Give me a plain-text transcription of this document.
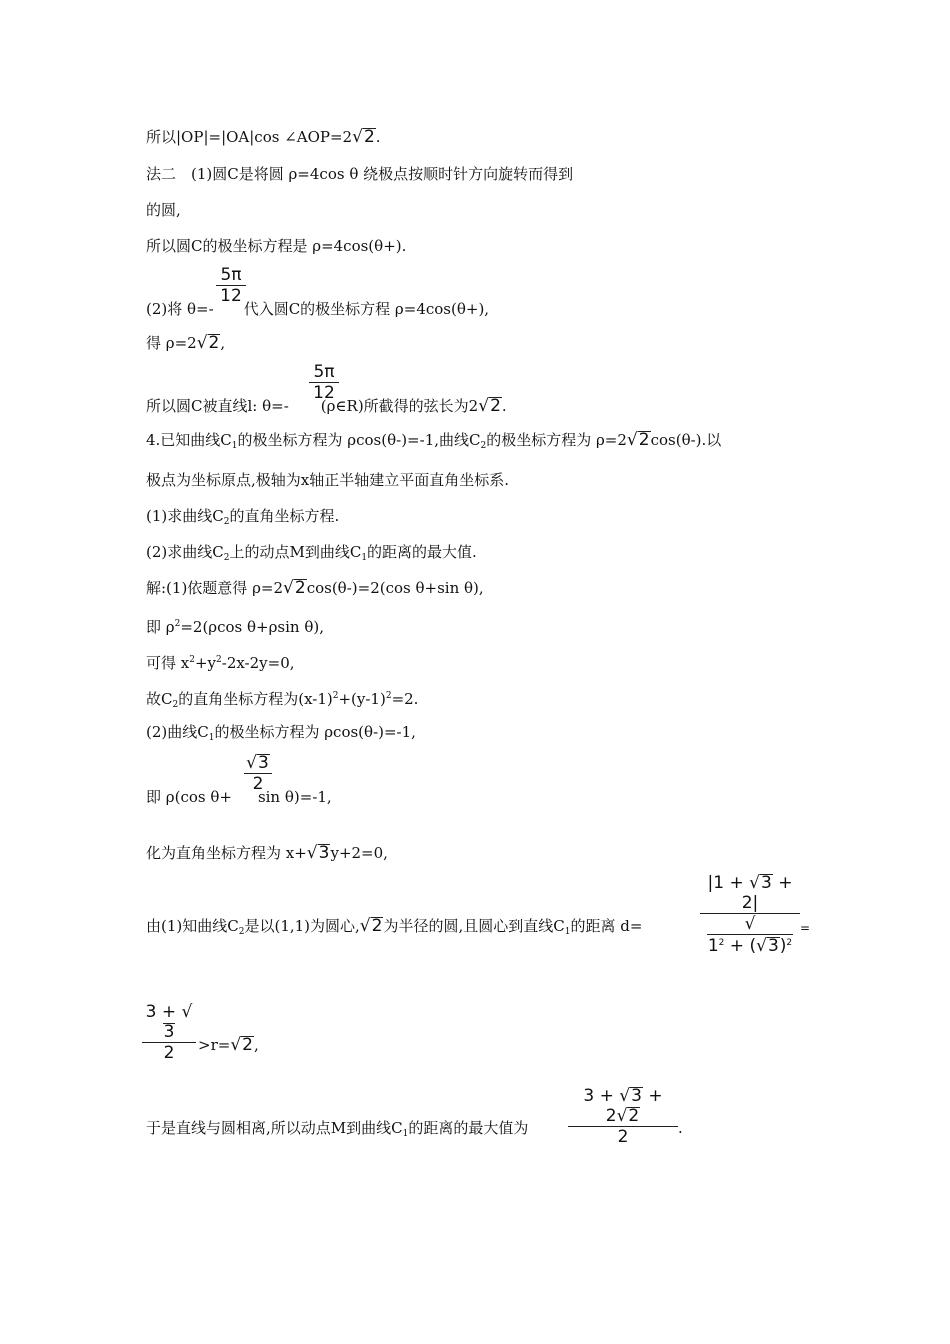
所以|OP|=|OA|cos ∠AOP=2√2.
法二　(1)圆C是将圆 ρ=4cos θ 绕极点按顺时针方向旋转而得到
的圆,
所以圆C的极坐标方程是 ρ=4cos(θ+).
5π
12
(2)将 θ=- 代入圆C的极坐标方程 ρ=4cos(θ+),
得 ρ=2√2,
5π
12
所以圆C被直线l: θ=- (ρ∈R)所截得的弦长为2√2.
4.已知曲线$C_1$的极坐标方程为 ρcos(θ-)=-1,曲线$C_2$的极坐标方程为 ρ=2√2cos(θ-).以
极点为坐标原点,极轴为x轴正半轴建立平面直角坐标系.
(1)求曲线$C_2$的直角坐标方程.
(2)求曲线$C_2$上的动点M到曲线$C_1$的距离的最大值.
解:(1)依题意得 ρ=2√2cos(θ-)=2(cos θ+sin θ),
即 $\rho^2=2(\rho\cos$ θ+ρsin θ),
可得 $x^2+y^2-2x-2y=0$,
故$C_2$的直角坐标方程为$(x-1)^2+(y-1)^2=2$.
(2)曲线$C_1$的极坐标方程为 ρcos(θ-)=-1,
√3
2
即 ρ(cos θ+ sin θ)=-1,
化为直角坐标方程为 x+√3y+2=0,
|1 + √3 + 2|
$√1^2 + (√3)^2$
由(1)知曲线$C_2$是以(1,1)为圆心,√2为半径的圆,且圆心到直线$C_1$的距离 d=	=
3 + √3
2	>r=√2,
3 + √3 + 2√2
2
于是直线与圆相离,所以动点M到曲线$C_1$的距离的最大值为	.
